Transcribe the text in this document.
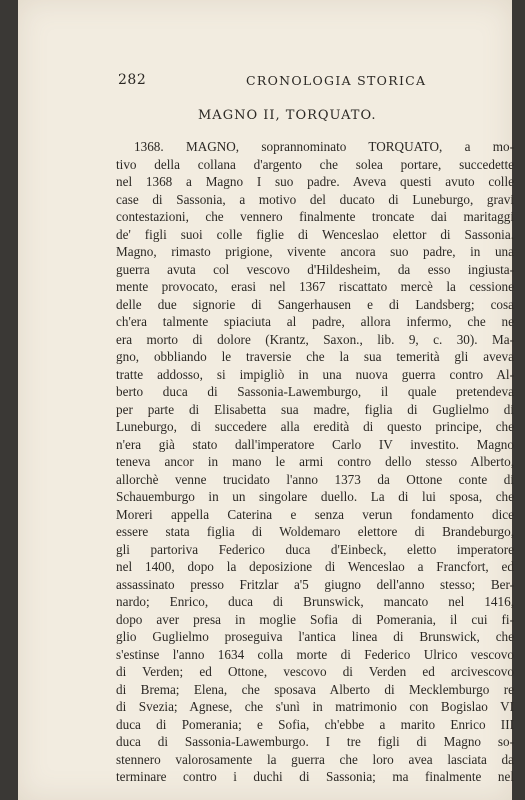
282	CRONOLOGIA STORICA
MAGNO II, TORQUATO.
1368. MAGNO, soprannominato TORQUATO, a mo-
tivo della collana d'argento che solea portare, succedette
nel 1368 a Magno I suo padre. Aveva questi avuto colle
case di Sassonia, a motivo del ducato di Luneburgo, gravi
contestazioni, che vennero finalmente troncate dai maritaggi
de' figli suoi colle figlie di Wenceslao elettor di Sassonia.
Magno, rimasto prigione, vivente ancora suo padre, in una
guerra avuta col vescovo d'Hildesheim, da esso ingiusta-
mente provocato, erasi nel 1367 riscattato mercè la cessione
delle due signorie di Sangerhausen e di Landsberg; cosa
ch'era talmente spiaciuta al padre, allora infermo, che ne
era morto di dolore (Krantz, Saxon., lib. 9, c. 30). Ma-
gno, obbliando le traversie che la sua temerità gli aveva
tratte addosso, si impigliò in una nuova guerra contro Al-
berto duca di Sassonia-Lawemburgo, il quale pretendeva
per parte di Elisabetta sua madre, figlia di Guglielmo di
Luneburgo, di succedere alla eredità di questo principe, che
n'era già stato dall'imperatore Carlo IV investito. Magno
teneva ancor in mano le armi contro dello stesso Alberto,
allorchè venne trucidato l'anno 1373 da Ottone conte di
Schauemburgo in un singolare duello. La di lui sposa, che
Moreri appella Caterina e senza verun fondamento dice
essere stata figlia di Woldemaro elettore di Brandeburgo,
gli partoriva Federico duca d'Einbeck, eletto imperatore
nel 1400, dopo la deposizione di Wenceslao a Francfort, ed
assassinato presso Fritzlar a'5 giugno dell'anno stesso; Ber-
nardo; Enrico, duca di Brunswick, mancato nel 1416,
dopo aver presa in moglie Sofia di Pomerania, il cui fi-
glio Guglielmo proseguiva l'antica linea di Brunswick, che
s'estinse l'anno 1634 colla morte di Federico Ulrico vescovo
di Verden; ed Ottone, vescovo di Verden ed arcivescovo
di Brema; Elena, che sposava Alberto di Mecklemburgo re
di Svezia; Agnese, che s'unì in matrimonio con Bogislao VI
duca di Pomerania; e Sofia, ch'ebbe a marito Enrico III
duca di Sassonia-Lawemburgo. I tre figli di Magno so-
stennero valorosamente la guerra che loro avea lasciata da
terminare contro i duchi di Sassonia; ma finalmente nel
